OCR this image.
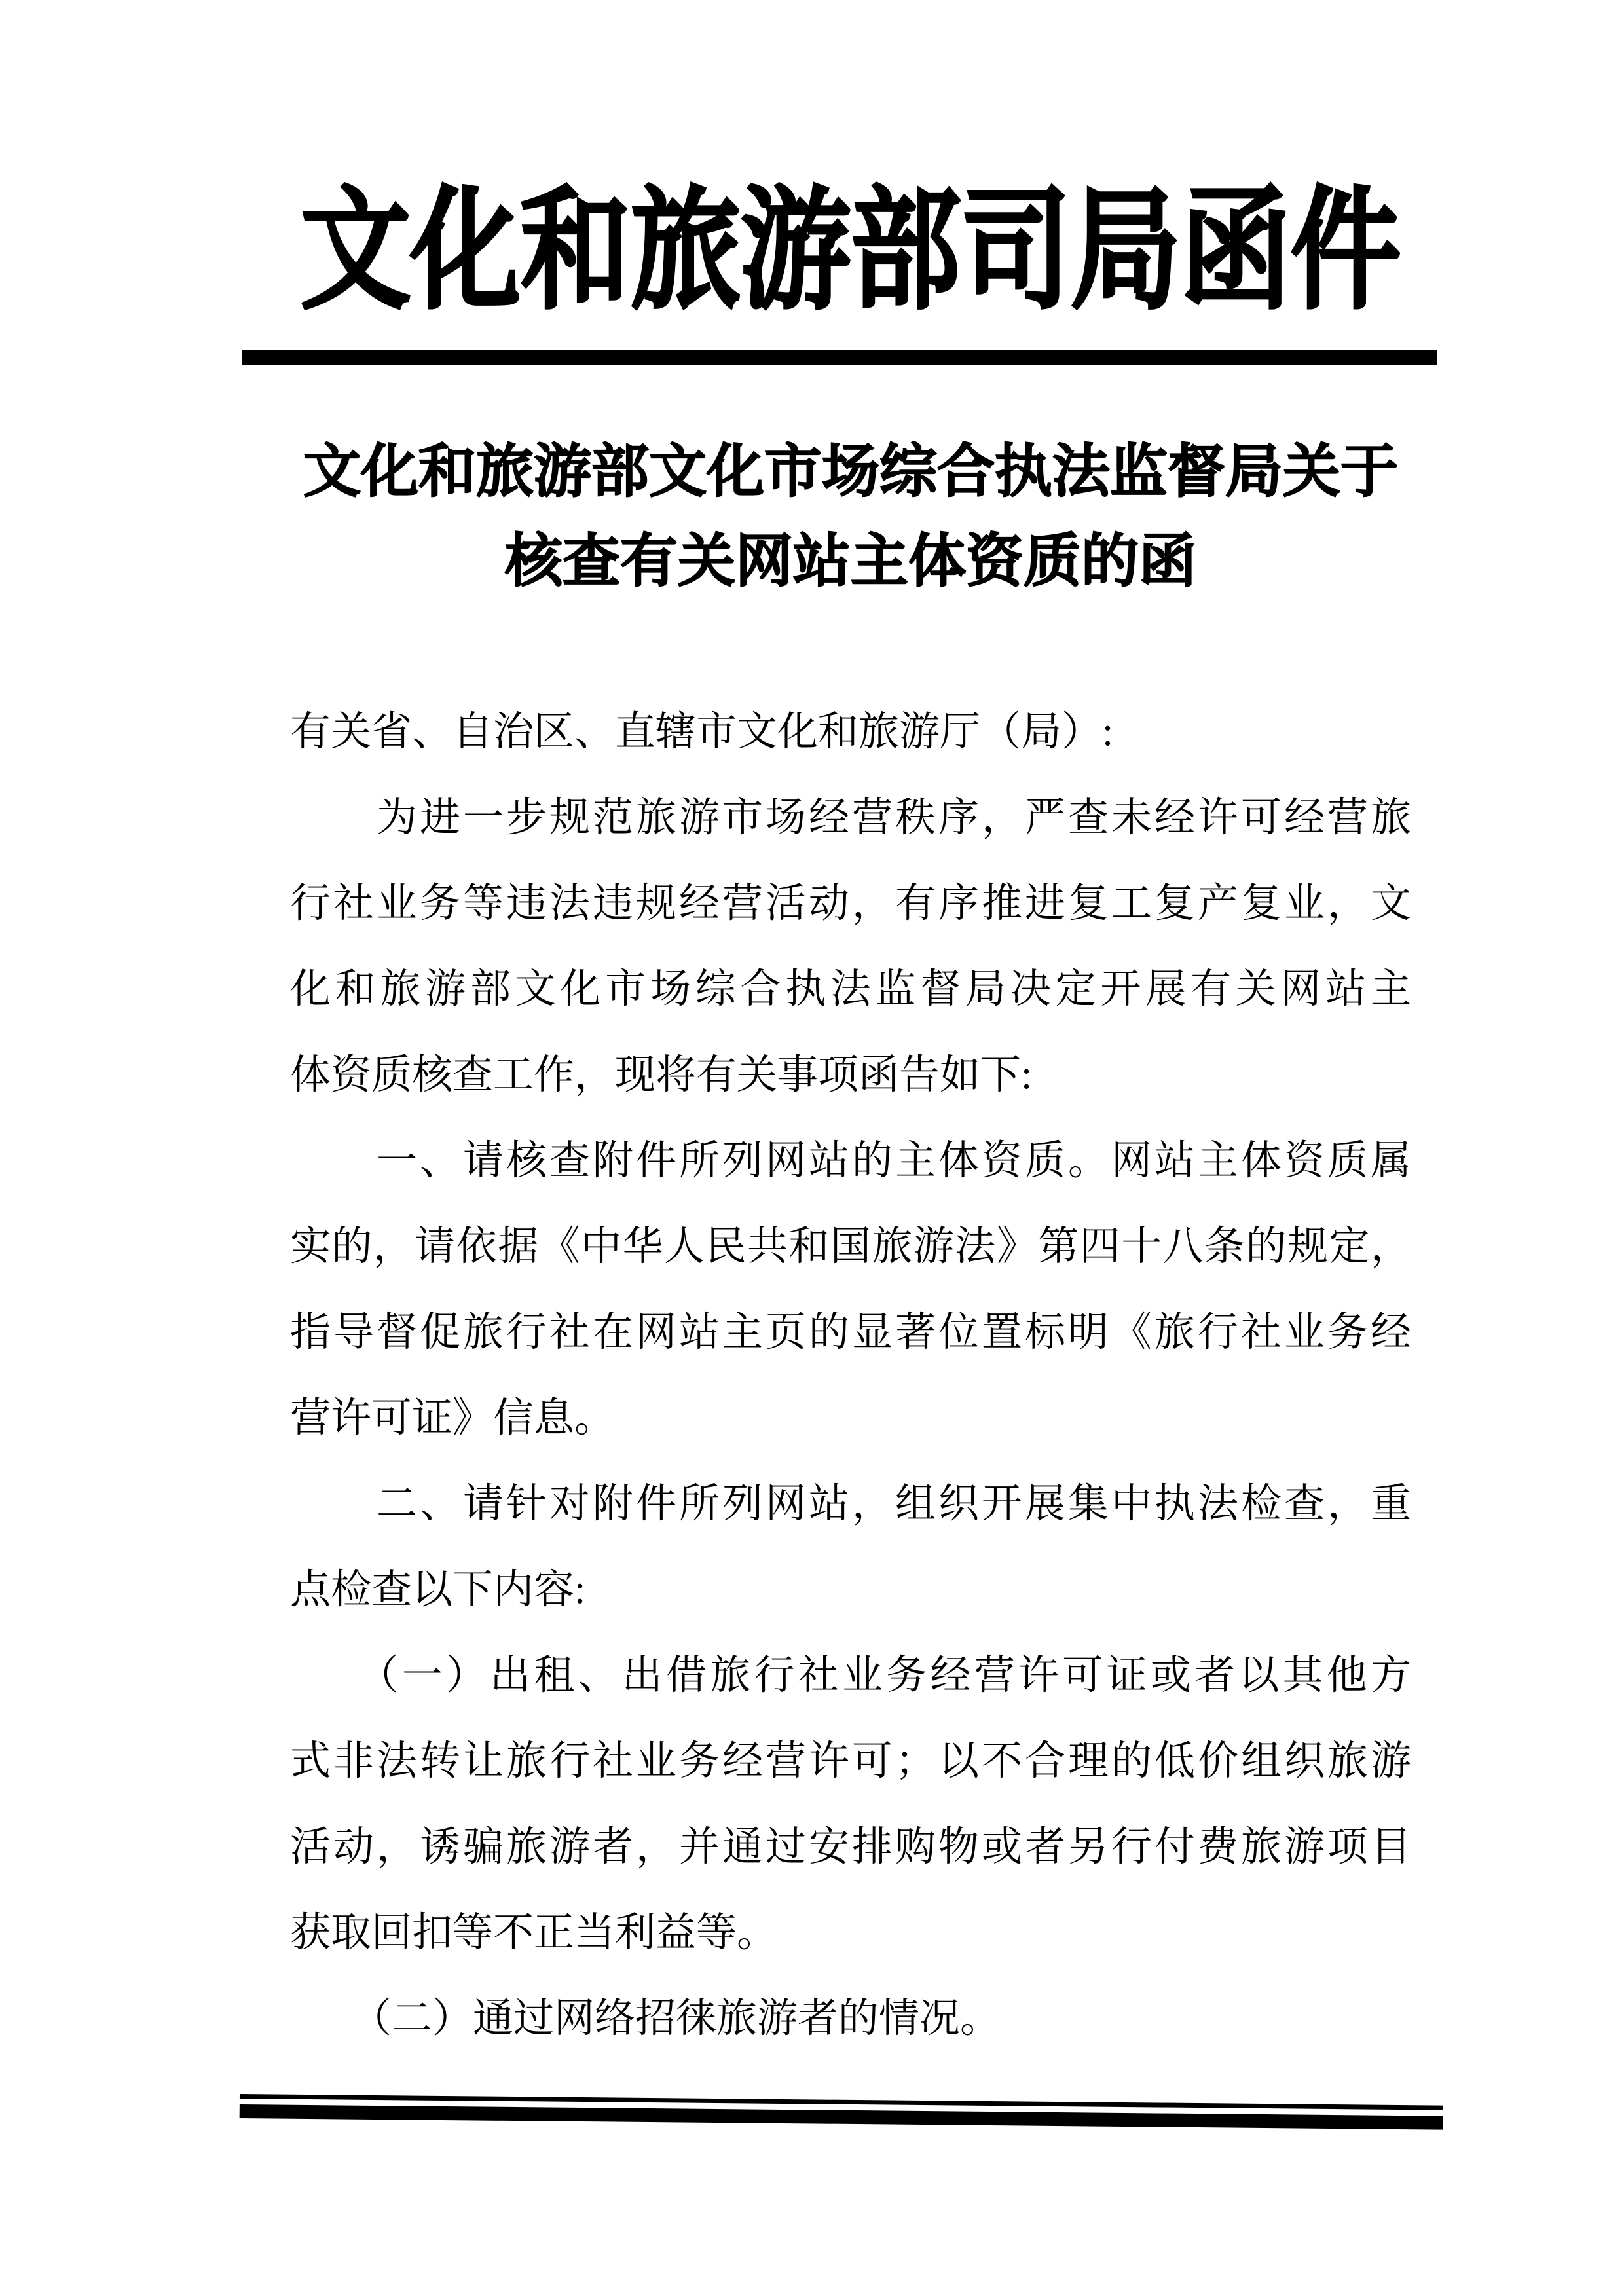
文化和旅游部司局函件
文化和旅游部文化市场综合执法监督局关于
核查有关网站主体资质的函
有关省、自治区、直辖市文化和旅游厅（局）:
　　为进一步规范旅游市场经营秩序，严查未经许可经营旅
行社业务等违法违规经营活动，有序推进复工复产复业，文
化和旅游部文化市场综合执法监督局决定开展有关网站主
体资质核查工作，现将有关事项函告如下:
　　一、请核查附件所列网站的主体资质。网站主体资质属
实的，请依据《中华人民共和国旅游法》第四十八条的规定，
指导督促旅行社在网站主页的显著位置标明《旅行社业务经
营许可证》信息。
　　二、请针对附件所列网站，组织开展集中执法检查，重
点检查以下内容:
　　（一）出租、出借旅行社业务经营许可证或者以其他方
式非法转让旅行社业务经营许可；以不合理的低价组织旅游
活动，诱骗旅游者，并通过安排购物或者另行付费旅游项目
获取回扣等不正当利益等。
　　（二）通过网络招徕旅游者的情况。
